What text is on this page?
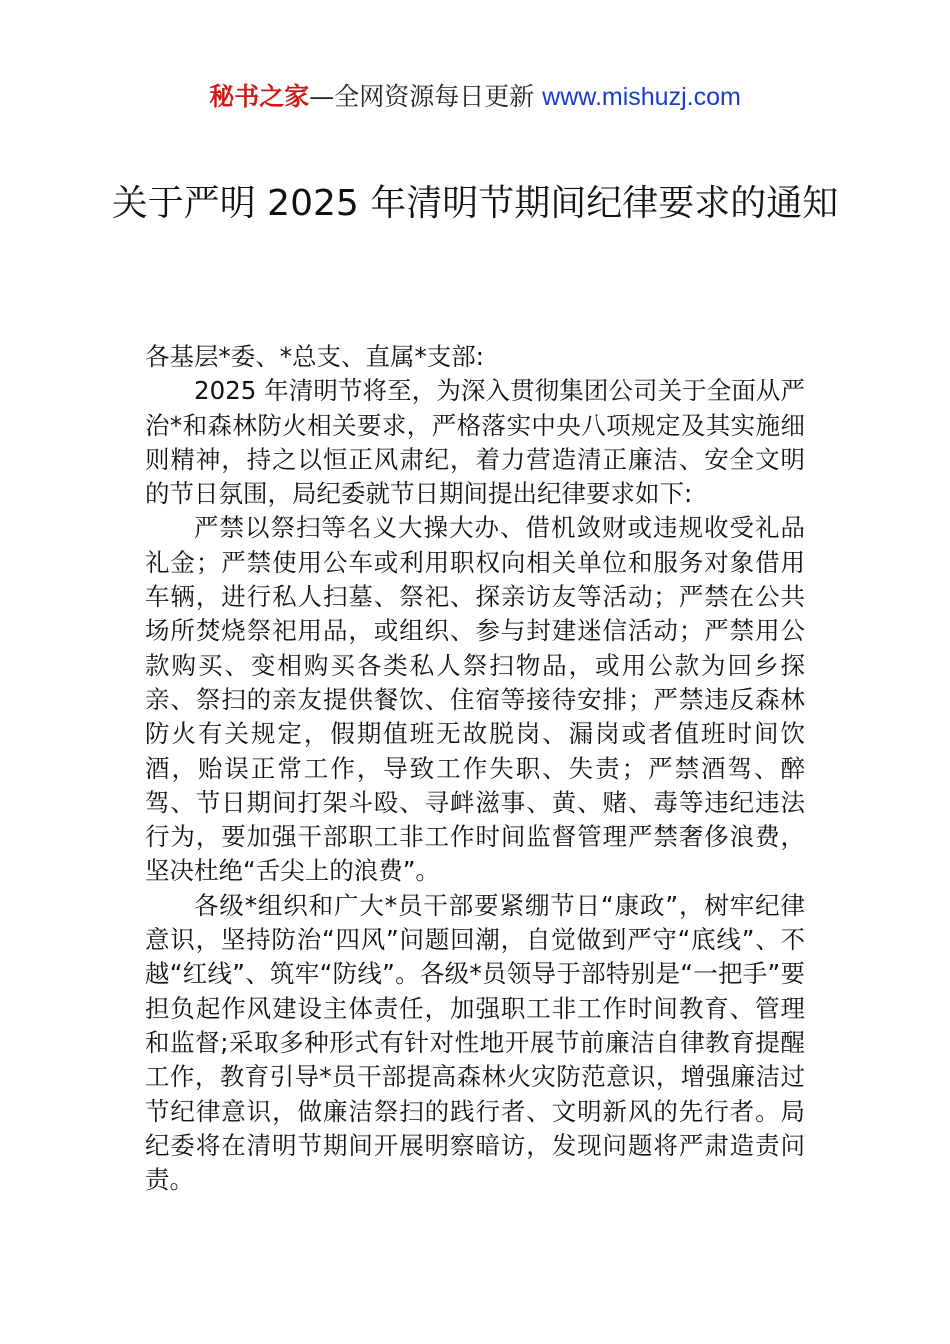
秘书之家—全网资源每日更新 www.mishuzj.com
关于严明 2025 年清明节期间纪律要求的通知

各基层*委、*总支、直属*支部:

2025 年清明节将至，为深入贯彻集团公司关于全面从严治*和森林防火相关要求，严格落实中央八项规定及其实施细则精神，持之以恒正风肃纪，着力营造清正廉洁、安全文明的节日氛围，局纪委就节日期间提出纪律要求如下:

严禁以祭扫等名义大操大办、借机敛财或违规收受礼品礼金；严禁使用公车或利用职权向相关单位和服务对象借用车辆，进行私人扫墓、祭祀、探亲访友等活动；严禁在公共场所焚烧祭祀用品，或组织、参与封建迷信活动；严禁用公款购买、变相购买各类私人祭扫物品，或用公款为回乡探亲、祭扫的亲友提供餐饮、住宿等接待安排；严禁违反森林防火有关规定，假期值班无故脱岗、漏岗或者值班时间饮酒，贻误正常工作，导致工作失职、失责；严禁酒驾、醉驾、节日期间打架斗殴、寻衅滋事、黄、赌、毒等违纪违法行为，要加强干部职工非工作时间监督管理严禁奢侈浪费，坚决杜绝“舌尖上的浪费”。

各级*组织和广大*员干部要紧绷节日“康政”，树牢纪律意识，坚持防治“四风”问题回潮，自觉做到严守“底线”、不越“红线”、筑牢“防线”。各级*员领导于部特别是“一把手”要担负起作风建设主体责任，加强职工非工作时间教育、管理和监督;采取多种形式有针对性地开展节前廉洁自律教育提醒工作，教育引导*员干部提高森林火灾防范意识，增强廉洁过节纪律意识，做廉洁祭扫的践行者、文明新风的先行者。局纪委将在清明节期间开展明察暗访，发现问题将严肃造责问责。
